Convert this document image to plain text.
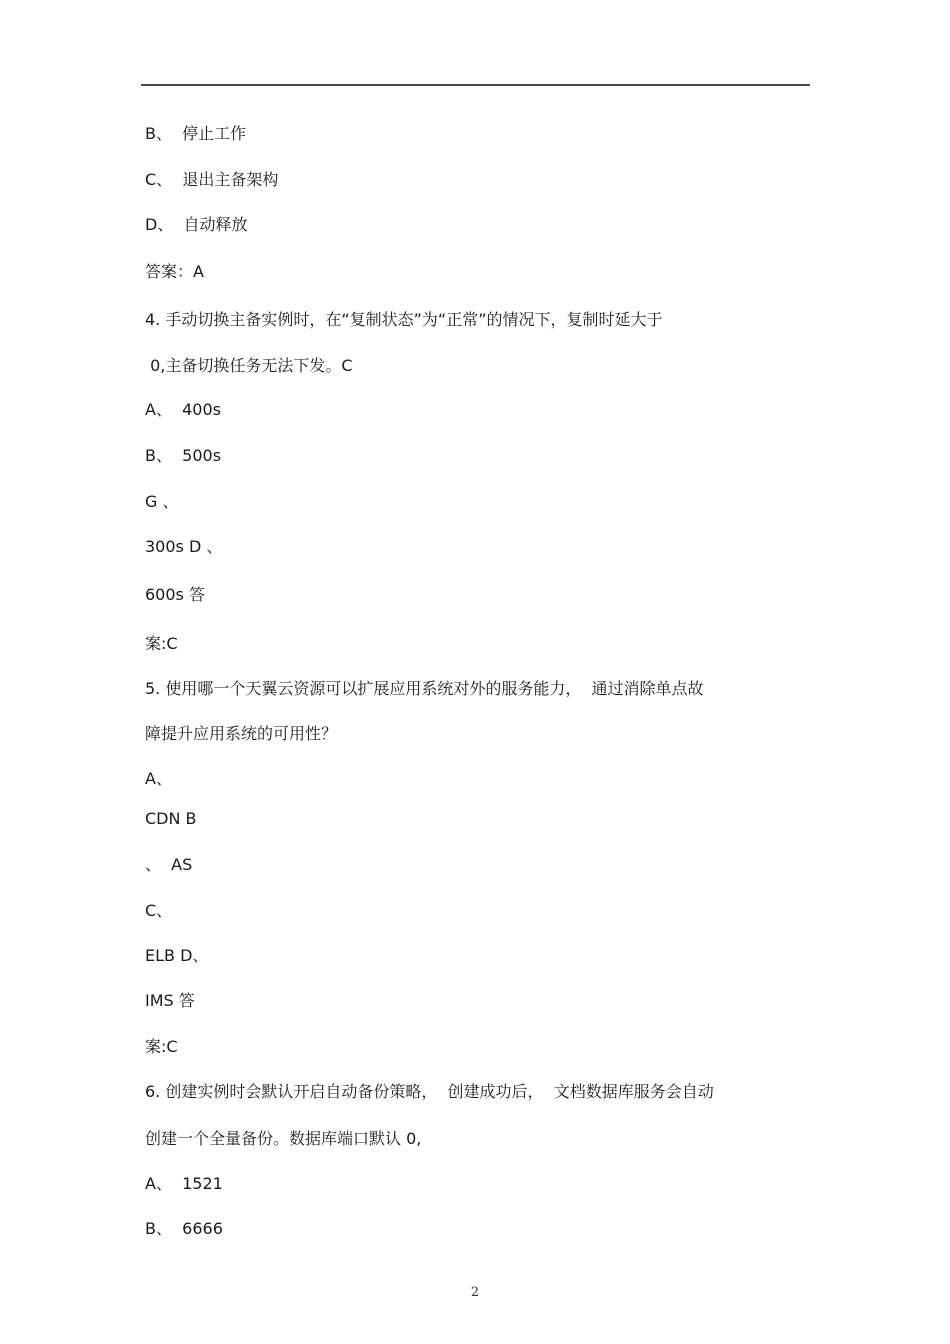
B、  停止工作
C、  退出主备架构
D、  自动释放
答案：A
4. 手动切换主备实例时，在“复制状态”为“正常”的情况下，复制时延大于
0,主备切换任务无法下发。C
A、  400s
B、  500s
G 、
300s D 、
600s 答
案:C
5. 使用哪一个天翼云资源可以扩展应用系统对外的服务能力，  通过消除单点故
障提升应用系统的可用性？
A、
CDN B
、  AS
C、
ELB D、
IMS 答
案:C
6. 创建实例时会默认开启自动备份策略，  创建成功后，  文档数据库服务会自动
创建一个全量备份。数据库端口默认 0,
A、  1521
B、  6666
2
